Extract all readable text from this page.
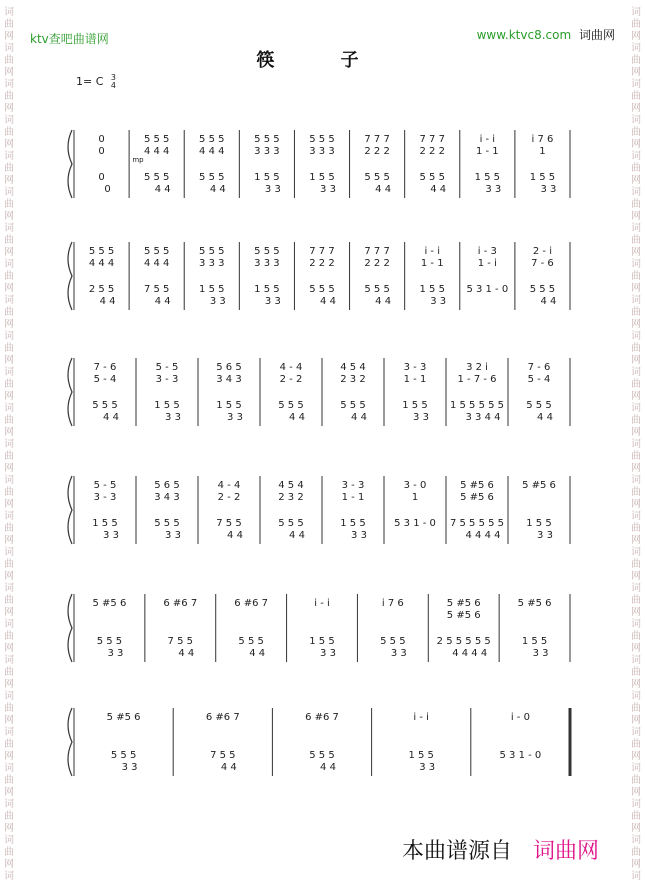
词
曲
网
词
曲
网
词
曲
网
词
曲
网
词
曲
网
词
曲
网
词
曲
网
词
曲
网
词
曲
网
词
曲
网
词
曲
网
词
曲
网
词
曲
网
词
曲
网
词
曲
网
词
曲
网
词
曲
网
词
曲
网
词
曲
网
词
曲
网
词
曲
网
词
曲
网
词
曲
网
词
曲
网
词
词
曲
网
词
曲
网
词
曲
网
词
曲
网
词
曲
网
词
曲
网
词
曲
网
词
曲
网
词
曲
网
词
曲
网
词
曲
网
词
曲
网
词
曲
网
词
曲
网
词
曲
网
词
曲
网
词
曲
网
词
曲
网
词
曲
网
词
曲
网
词
曲
网
词
曲
网
词
曲
网
词
曲
网
词
ktv查吧曲谱网	www.ktvc8.com 词曲网
筷 子
1= C 3
4
0
0
0
0
5 5 5
4 4 4
5 5 5
4 4
5 5 5
4 4 4
5 5 5
4 4
5 5 5
3 3 3
1 5 5
3 3
5 5 5
3 3 3
1 5 5
3 3
7 7 7
2 2 2
5 5 5
4 4
7 7 7
2 2 2
5 5 5
4 4
i - i
1 - 1
1 5 5
3 3
i 7 6
1
1 5 5
3 3
5 5 5
4 4 4
2 5 5
4 4
5 5 5
4 4 4
7 5 5
4 4
5 5 5
3 3 3
1 5 5
3 3
5 5 5
3 3 3
1 5 5
3 3
7 7 7
2 2 2
5 5 5
4 4
7 7 7
2 2 2
5 5 5
4 4
i - i
1 - 1
1 5 5
3 3
i - 3
1 - i
5 3 1 - 0
2 - i
7 - 6
5 5 5
4 4
7 - 6
5 - 4
5 5 5
4 4
5 - 5
3 - 3
1 5 5
3 3
5 6 5
3 4 3
1 5 5
3 3
4 - 4
2 - 2
5 5 5
4 4
4 5 4
2 3 2
5 5 5
4 4
3 - 3
1 - 1
1 5 5
3 3
3 2 i
1 - 7 - 6
1 5 5 5 5 5
3 3 4 4
7 - 6
5 - 4
5 5 5
4 4
5 - 5
3 - 3
1 5 5
3 3
5 6 5
3 4 3
5 5 5
3 3
4 - 4
2 - 2
7 5 5
4 4
4 5 4
2 3 2
5 5 5
4 4
3 - 3
1 - 1
1 5 5
3 3
3 - 0
1
5 3 1 - 0
5 #5 6
5 #5 6
7 5 5 5 5 5
4 4 4 4
5 #5 6
1 5 5
3 3
5 #5 6
5 5 5
3 3
6 #6 7
7 5 5
4 4
6 #6 7
5 5 5
4 4
i - i
1 5 5
3 3
i 7 6
5 5 5
3 3
5 #5 6
5 #5 6
2 5 5 5 5 5
4 4 4 4
5 #5 6
1 5 5
3 3
5 #5 6
5 5 5
3 3
6 #6 7
7 5 5
4 4
6 #6 7
5 5 5
4 4
i - i
1 5 5
3 3
i - 0
5 3 1 - 0
mp
本曲谱源自 词曲网
